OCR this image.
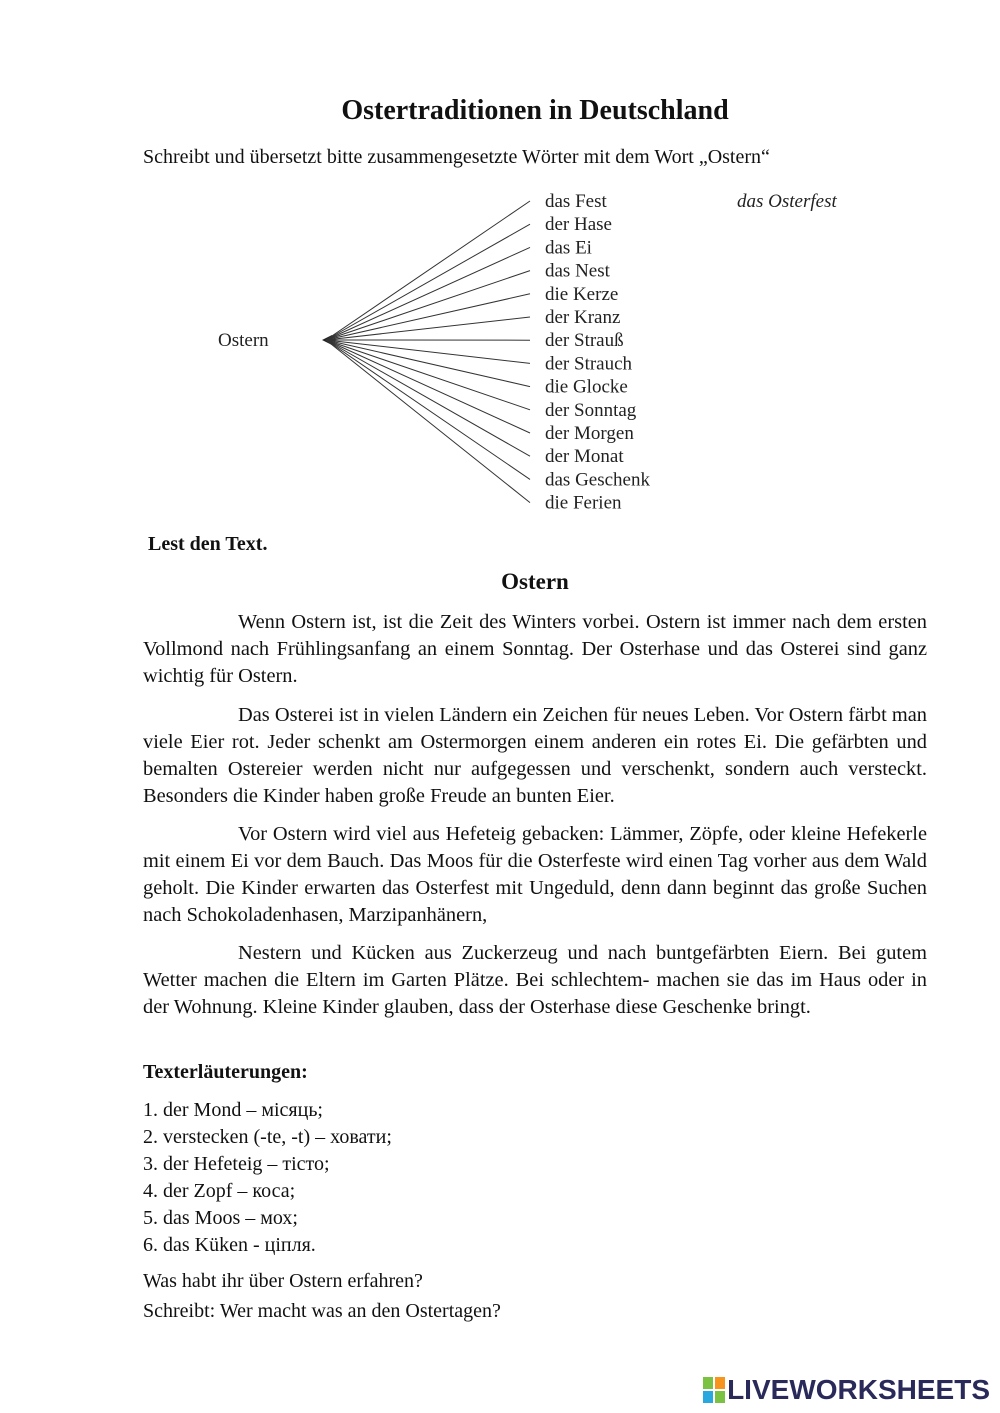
Ostertraditionen in Deutschland
Schreibt und übersetzt bitte zusammengesetzte Wörter mit dem Wort „Ostern“
Ostern
das Fest
der Hase
das Ei
das Nest
die Kerze
der Kranz
der Strauß
der Strauch
die Glocke
der Sonntag
der Morgen
der Monat
das Geschenk
die Ferien
das Osterfest
Lest den Text.
Ostern

Wenn Ostern ist, ist die Zeit des Winters vorbei. Ostern ist immer nach dem ersten Vollmond nach Frühlingsanfang an einem Sonntag. Der Osterhase und das Osterei sind ganz wichtig für Ostern.

Das Osterei ist in vielen Ländern ein Zeichen für neues Leben. Vor Ostern färbt man viele Eier rot. Jeder schenkt am Ostermorgen einem anderen ein rotes Ei. Die gefärbten und bemalten Ostereier werden nicht nur aufgegessen und verschenkt, sondern auch versteckt. Besonders die Kinder haben große Freude an bunten Eier.

Vor Ostern wird viel aus Hefeteig gebacken: Lämmer, Zöpfe, oder kleine Hefekerle mit einem Ei vor dem Bauch. Das Moos für die Osterfeste wird einen Tag vorher aus dem Wald geholt. Die Kinder erwarten das Osterfest mit Ungeduld, denn dann beginnt das große Suchen nach Schokoladenhasen, Marzipanhänern,

Nestern und Kücken aus Zuckerzeug und nach buntgefärbten Eiern. Bei gutem Wetter machen die Eltern im Garten Plätze. Bei schlechtem- machen sie das im Haus oder in der Wohnung. Kleine Kinder glauben, dass der Osterhase diese Geschenke bringt.

Texterläuterungen:
1. der Mond – місяць;
2. verstecken (-te, -t) – ховати;
3. der Hefeteig – тісто;
4. der Zopf – коса;
5. das Moos – мох;
6. das Küken - ціпля.
Was habt ihr über Ostern erfahren?
Schreibt: Wer macht was an den Ostertagen?
LIVEWORKSHEETS
